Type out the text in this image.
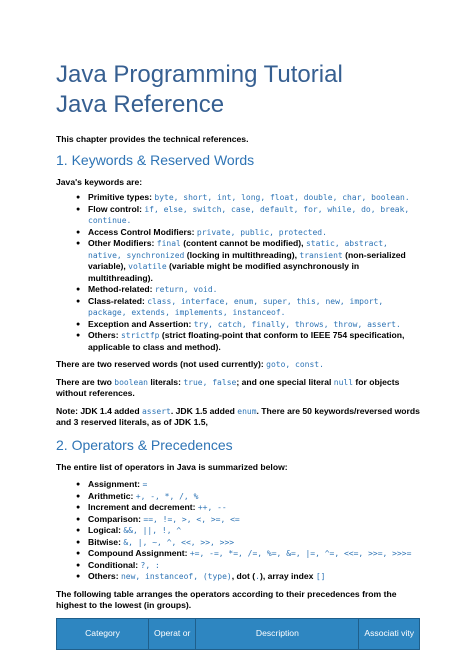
Java Programming Tutorial
Java Reference

This chapter provides the technical references.

1. Keywords & Reserved Words

Java's keywords are:

● Primitive types: byte, short, int, long, float, double, char, boolean.
● Flow control: if, else, switch, case, default, for, while, do, break, continue.
● Access Control Modifiers: private, public, protected.
● Other Modifiers: final (content cannot be modified), static, abstract, native, synchronized (locking in multithreading), transient (non-serialized variable), volatile (variable might be modified asynchronously in multithreading).
● Method-related: return, void.
● Class-related: class, interface, enum, super, this, new, import, package, extends, implements, instanceof.
● Exception and Assertion: try, catch, finally, throws, throw, assert.
● Others: strictfp (strict floating-point that conform to IEEE 754 specification, applicable to class and method).

There are two reserved words (not used currently): goto, const.

There are two boolean literals: true, false; and one special literal null for objects without references.

Note: JDK 1.4 added assert. JDK 1.5 added enum. There are 50 keywords/reversed words and 3 reserved literals, as of JDK 1.5,

2. Operators & Precedences

The entire list of operators in Java is summarized below:

● Assignment: =
● Arithmetic: +, -, *, /, %
● Increment and decrement: ++, --
● Comparison: ==, !=, >, <, >=, <=
● Logical: &&, ||, !, ^
● Bitwise: &, |, ~, ^, <<, >>, >>>
● Compound Assignment: +=, -=, *=, /=, %=, &=, |=, ^=, <<=, >>=, >>>=
● Conditional: ?, :
● Others: new, instanceof, (type), dot (.), array index []

The following table arranges the operators according to their precedences from the highest to the lowest (in groups).

Category	Operat or	Description	Associati vity
